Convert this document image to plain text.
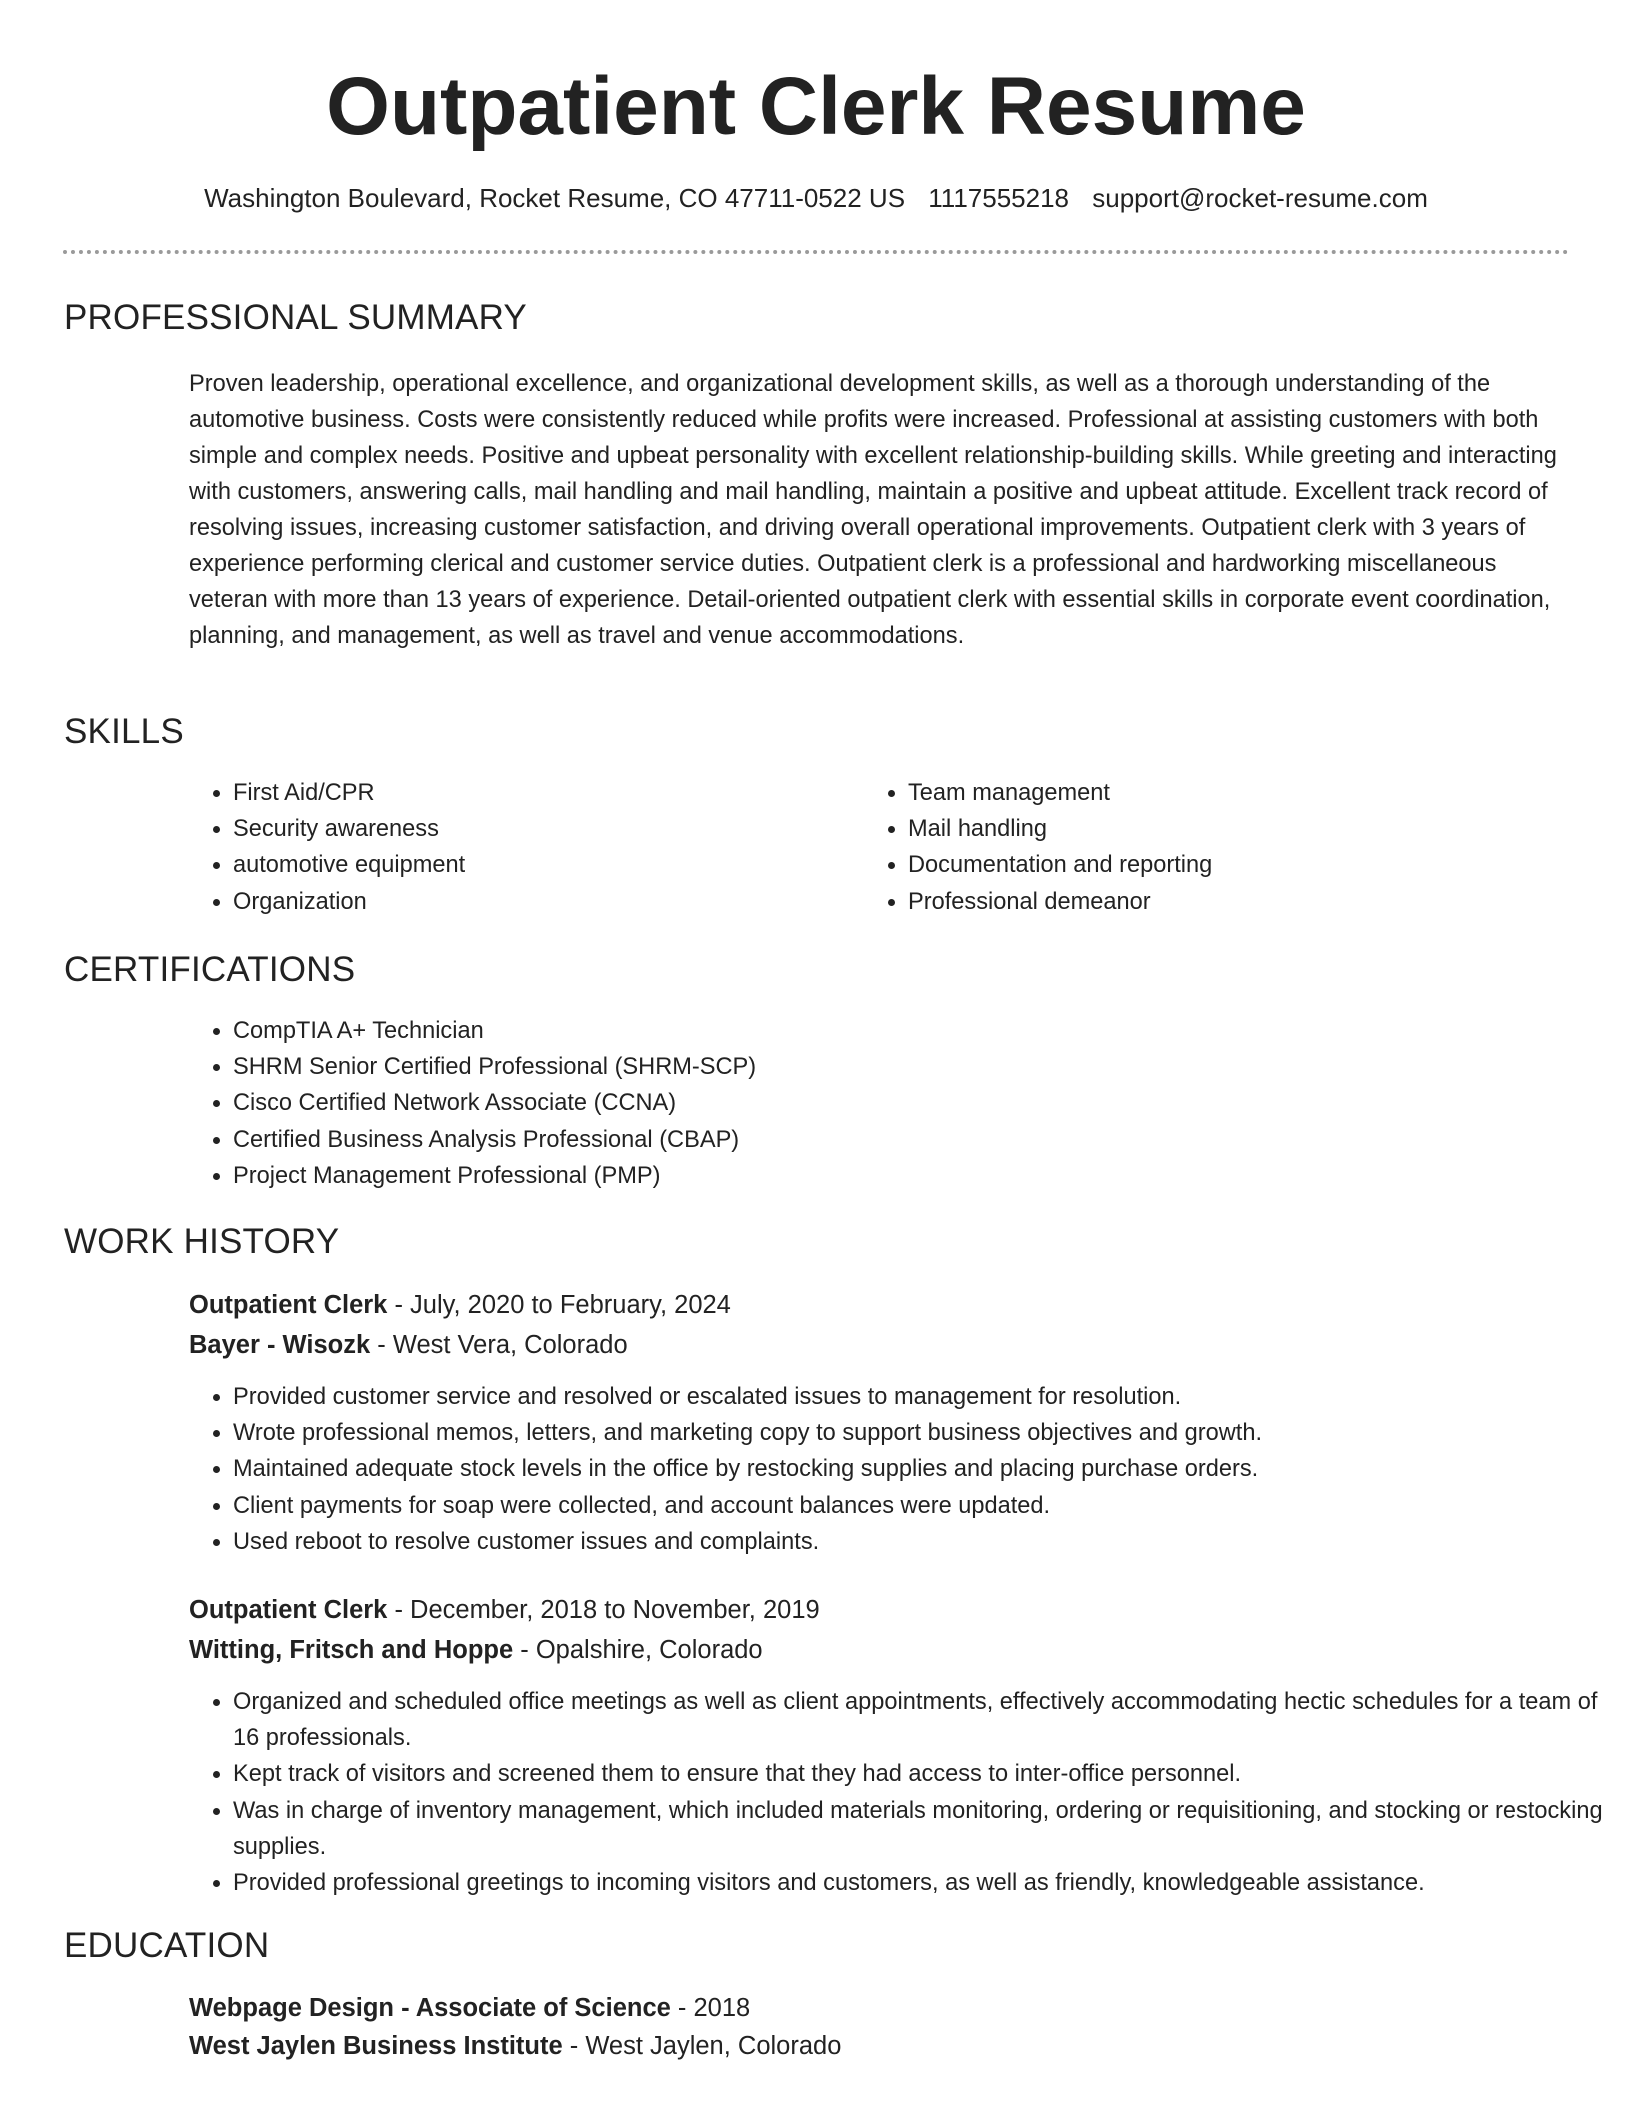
Outpatient Clerk Resume
Washington Boulevard, Rocket Resume, CO 47711-0522 US 1117555218 support@rocket-resume.com
PROFESSIONAL SUMMARY

Proven leadership, operational excellence, and organizational development skills, as well as a thorough understanding of the automotive business. Costs were consistently reduced while profits were increased. Professional at assisting customers with both simple and complex needs. Positive and upbeat personality with excellent relationship-building skills. While greeting and interacting with customers, answering calls, mail handling and mail handling, maintain a positive and upbeat attitude. Excellent track record of resolving issues, increasing customer satisfaction, and driving overall operational improvements. Outpatient clerk with 3 years of experience performing clerical and customer service duties. Outpatient clerk is a professional and hardworking miscellaneous veteran with more than 13 years of experience. Detail-oriented outpatient clerk with essential skills in corporate event coordination, planning, and management, as well as travel and venue accommodations.

SKILLS
• First Aid/CPR
• Security awareness
• automotive equipment
• Organization
• Team management
• Mail handling
• Documentation and reporting
• Professional demeanor
CERTIFICATIONS
• CompTIA A+ Technician
• SHRM Senior Certified Professional (SHRM-SCP)
• Cisco Certified Network Associate (CCNA)
• Certified Business Analysis Professional (CBAP)
• Project Management Professional (PMP)
WORK HISTORY
Outpatient Clerk - July, 2020 to February, 2024
Bayer - Wisozk - West Vera, Colorado
• Provided customer service and resolved or escalated issues to management for resolution.
• Wrote professional memos, letters, and marketing copy to support business objectives and growth.
• Maintained adequate stock levels in the office by restocking supplies and placing purchase orders.
• Client payments for soap were collected, and account balances were updated.
• Used reboot to resolve customer issues and complaints.
Outpatient Clerk - December, 2018 to November, 2019
Witting, Fritsch and Hoppe - Opalshire, Colorado
• Organized and scheduled office meetings as well as client appointments, effectively accommodating hectic schedules for a team of 16 professionals.
• Kept track of visitors and screened them to ensure that they had access to inter-office personnel.
• Was in charge of inventory management, which included materials monitoring, ordering or requisitioning, and stocking or restocking supplies.
• Provided professional greetings to incoming visitors and customers, as well as friendly, knowledgeable assistance.
EDUCATION
Webpage Design - Associate of Science - 2018
West Jaylen Business Institute - West Jaylen, Colorado
